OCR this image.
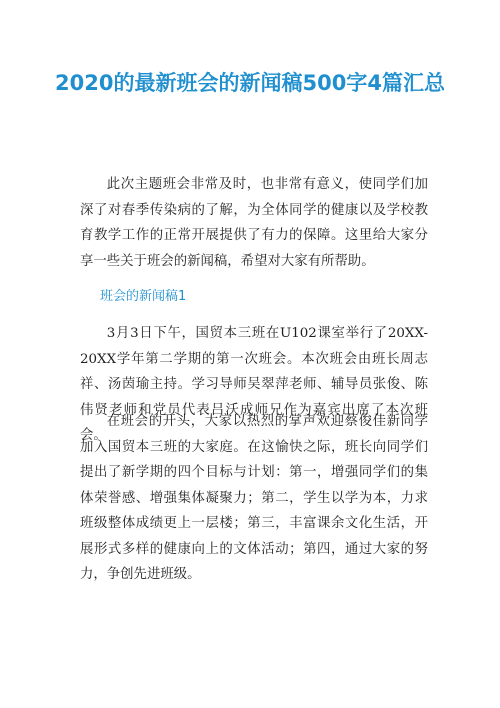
2020的最新班会的新闻稿500字4篇汇总

此次主题班会非常及时，也非常有意义，使同学们加深了对春季传染病的了解，为全体同学的健康以及学校教育教学工作的正常开展提供了有力的保障。这里给大家分享一些关于班会的新闻稿，希望对大家有所帮助。

班会的新闻稿1

3月3日下午，国贸本三班在U102课室举行了20XX-20XX学年第二学期的第一次班会。本次班会由班长周志祥、汤茵瑜主持。学习导师吴翠萍老师、辅导员张俊、陈伟贤老师和党员代表吕沃成师兄作为嘉宾出席了本次班会。

在班会的开头，大家以热烈的掌声欢迎蔡俊佳新同学加入国贸本三班的大家庭。在这愉快之际，班长向同学们提出了新学期的四个目标与计划：第一，增强同学们的集体荣誉感、增强集体凝聚力；第二，学生以学为本，力求班级整体成绩更上一层楼；第三，丰富课余文化生活，开展形式多样的健康向上的文体活动；第四，通过大家的努力，争创先进班级。
